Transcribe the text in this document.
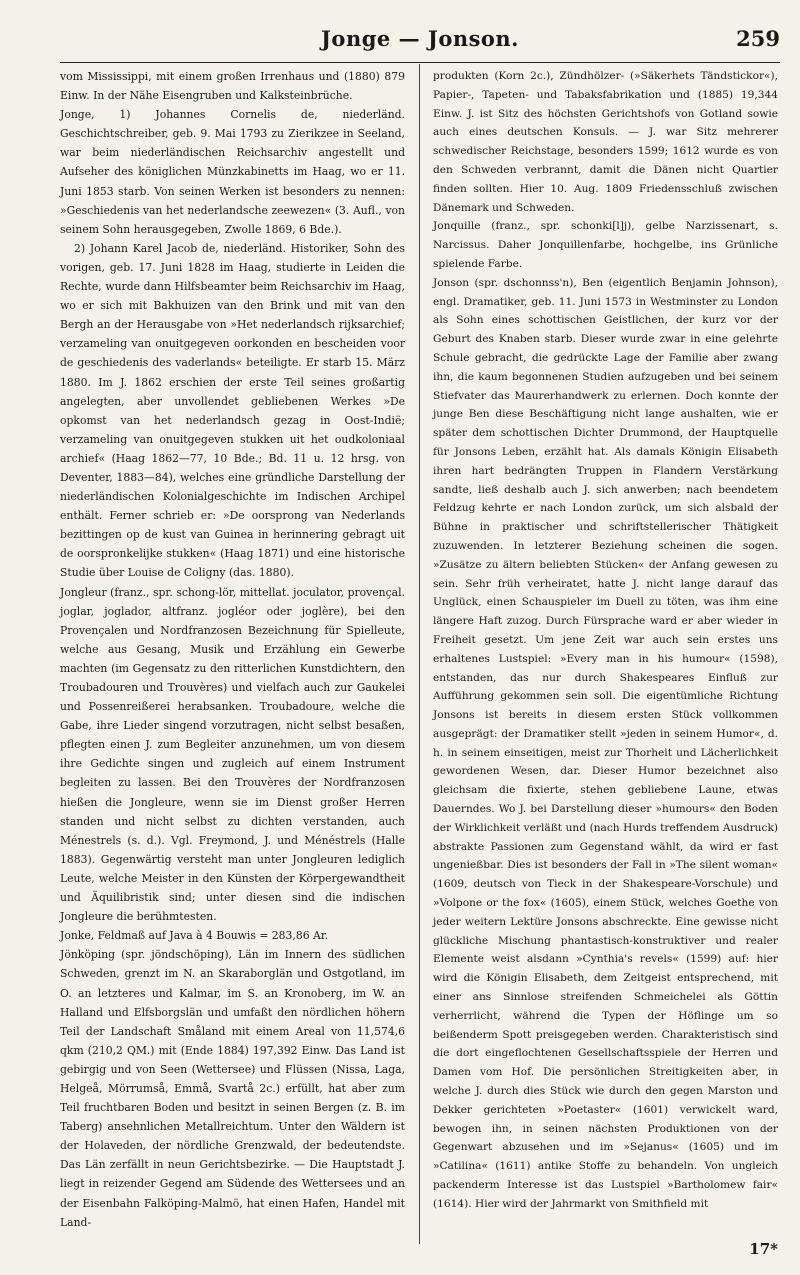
Jonge — Jonson.	259

vom Mississippi, mit einem großen Irrenhaus und (1880) 879 Einw. In der Nähe Eisengruben und Kalksteinbrüche.

Jonge, 1) Johannes Cornelis de, niederländ. Geschichtschreiber, geb. 9. Mai 1793 zu Zierikzee in Seeland, war beim niederländischen Reichsarchiv angestellt und Aufseher des königlichen Münzkabinetts im Haag, wo er 11. Juni 1853 starb. Von seinen Werken ist besonders zu nennen: »Geschiedenis van het nederlandsche zeewezen« (3. Aufl., von seinem Sohn herausgegeben, Zwolle 1869, 6 Bde.).

2) Johann Karel Jacob de, niederländ. Historiker, Sohn des vorigen, geb. 17. Juni 1828 im Haag, studierte in Leiden die Rechte, wurde dann Hilfsbeamter beim Reichsarchiv im Haag, wo er sich mit Bakhuizen van den Brink und mit van den Bergh an der Herausgabe von »Het nederlandsch rijksarchief; verzameling van onuitgegeven oorkonden en bescheiden voor de geschiedenis des vaderlands« beteiligte. Er starb 15. März 1880. Im J. 1862 erschien der erste Teil seines großartig angelegten, aber unvollendet gebliebenen Werkes »De opkomst van het nederlandsch gezag in Oost-Indië; verzameling van onuitgegeven stukken uit het oudkoloniaal archief« (Haag 1862—77, 10 Bde.; Bd. 11 u. 12 hrsg. von Deventer, 1883—84), welches eine gründliche Darstellung der niederländischen Kolonialgeschichte im Indischen Archipel enthält. Ferner schrieb er: »De oorsprong van Nederlands bezittingen op de kust van Guinea in herinnering gebragt uit de oorspronkelijke stukken« (Haag 1871) und eine historische Studie über Louise de Coligny (das. 1880).

Jongleur (franz., spr. schong-lör, mittellat. joculator, provençal. joglar, joglador, altfranz. jogléor oder joglère), bei den Provençalen und Nordfranzosen Bezeichnung für Spielleute, welche aus Gesang, Musik und Erzählung ein Gewerbe machten (im Gegensatz zu den ritterlichen Kunstdichtern, den Troubadouren und Trouvères) und vielfach auch zur Gaukelei und Possenreißerei herabsanken. Troubadoure, welche die Gabe, ihre Lieder singend vorzutragen, nicht selbst besaßen, pflegten einen J. zum Begleiter anzunehmen, um von diesem ihre Gedichte singen und zugleich auf einem Instrument begleiten zu lassen. Bei den Trouvères der Nordfranzosen hießen die Jongleure, wenn sie im Dienst großer Herren standen und nicht selbst zu dichten verstanden, auch Ménestrels (s. d.). Vgl. Freymond, J. und Ménéstrels (Halle 1883). Gegenwärtig versteht man unter Jongleuren lediglich Leute, welche Meister in den Künsten der Körpergewandtheit und Äquilibristik sind; unter diesen sind die indischen Jongleure die berühmtesten.

Jonke, Feldmaß auf Java à 4 Bouwis = 283,86 Ar.

Jönköping (spr. jöndschöping), Län im Innern des südlichen Schweden, grenzt im N. an Skaraborglän und Ostgotland, im O. an letzteres und Kalmar, im S. an Kronoberg, im W. an Halland und Elfsborgslän und umfaßt den nördlichen höhern Teil der Landschaft Småland mit einem Areal von 11,574,6 qkm (210,2 QM.) mit (Ende 1884) 197,392 Einw. Das Land ist gebirgig und von Seen (Wettersee) und Flüssen (Nissa, Laga, Helgeå, Mörrumså, Emmå, Svartå 2c.) erfüllt, hat aber zum Teil fruchtbaren Boden und besitzt in seinen Bergen (z. B. im Taberg) ansehnlichen Metallreichtum. Unter den Wäldern ist der Holaveden, der nördliche Grenzwald, der bedeutendste. Das Län zerfällt in neun Gerichtsbezirke. — Die Hauptstadt J. liegt in reizender Gegend am Südende des Wettersees und an der Eisenbahn Falköping-Malmö, hat einen Hafen, Handel mit Land-

produkten (Korn 2c.), Zündhölzer- (»Säkerhets Tändstickor«), Papier-, Tapeten- und Tabaksfabrikation und (1885) 19,344 Einw. J. ist Sitz des höchsten Gerichtshofs von Gotland sowie auch eines deutschen Konsuls. — J. war Sitz mehrerer schwedischer Reichstage, besonders 1599; 1612 wurde es von den Schweden verbrannt, damit die Dänen nicht Quartier finden sollten. Hier 10. Aug. 1809 Friedensschluß zwischen Dänemark und Schweden.

Jonquille (franz., spr. schonki[l]j), gelbe Narzissenart, s. Narcissus. Daher Jonquillenfarbe, hochgelbe, ins Grünliche spielende Farbe.

Jonson (spr. dschonnss'n), Ben (eigentlich Benjamin Johnson), engl. Dramatiker, geb. 11. Juni 1573 in Westminster zu London als Sohn eines schottischen Geistlichen, der kurz vor der Geburt des Knaben starb. Dieser wurde zwar in eine gelehrte Schule gebracht, die gedrückte Lage der Familie aber zwang ihn, die kaum begonnenen Studien aufzugeben und bei seinem Stiefvater das Maurerhandwerk zu erlernen. Doch konnte der junge Ben diese Beschäftigung nicht lange aushalten, wie er später dem schottischen Dichter Drummond, der Hauptquelle für Jonsons Leben, erzählt hat. Als damals Königin Elisabeth ihren hart bedrängten Truppen in Flandern Verstärkung sandte, ließ deshalb auch J. sich anwerben; nach beendetem Feldzug kehrte er nach London zurück, um sich alsbald der Bühne in praktischer und schriftstellerischer Thätigkeit zuzuwenden. In letzterer Beziehung scheinen die sogen. »Zusätze zu ältern beliebten Stücken« der Anfang gewesen zu sein. Sehr früh verheiratet, hatte J. nicht lange darauf das Unglück, einen Schauspieler im Duell zu töten, was ihm eine längere Haft zuzog. Durch Fürsprache ward er aber wieder in Freiheit gesetzt. Um jene Zeit war auch sein erstes uns erhaltenes Lustspiel: »Every man in his humour« (1598), entstanden, das nur durch Shakespeares Einfluß zur Aufführung gekommen sein soll. Die eigentümliche Richtung Jonsons ist bereits in diesem ersten Stück vollkommen ausgeprägt: der Dramatiker stellt »jeden in seinem Humor«, d. h. in seinem einseitigen, meist zur Thorheit und Lächerlichkeit gewordenen Wesen, dar. Dieser Humor bezeichnet also gleichsam die fixierte, stehen gebliebene Laune, etwas Dauerndes. Wo J. bei Darstellung dieser »humours« den Boden der Wirklichkeit verläßt und (nach Hurds treffendem Ausdruck) abstrakte Passionen zum Gegenstand wählt, da wird er fast ungenießbar. Dies ist besonders der Fall in »The silent woman« (1609, deutsch von Tieck in der Shakespeare-Vorschule) und »Volpone or the fox« (1605), einem Stück, welches Goethe von jeder weitern Lektüre Jonsons abschreckte. Eine gewisse nicht glückliche Mischung phantastisch-konstruktiver und realer Elemente weist alsdann »Cynthia's revels« (1599) auf: hier wird die Königin Elisabeth, dem Zeitgeist entsprechend, mit einer ans Sinnlose streifenden Schmeichelei als Göttin verherrlicht, während die Typen der Höflinge um so beißenderm Spott preisgegeben werden. Charakteristisch sind die dort eingeflochtenen Gesellschaftsspiele der Herren und Damen vom Hof. Die persönlichen Streitigkeiten aber, in welche J. durch dies Stück wie durch den gegen Marston und Dekker gerichteten »Poetaster« (1601) verwickelt ward, bewogen ihn, in seinen nächsten Produktionen von der Gegenwart abzusehen und im »Sejanus« (1605) und im »Catilina« (1611) antike Stoffe zu behandeln. Von ungleich packenderm Interesse ist das Lustspiel »Bartholomew fair« (1614). Hier wird der Jahrmarkt von Smithfield mit

17*
